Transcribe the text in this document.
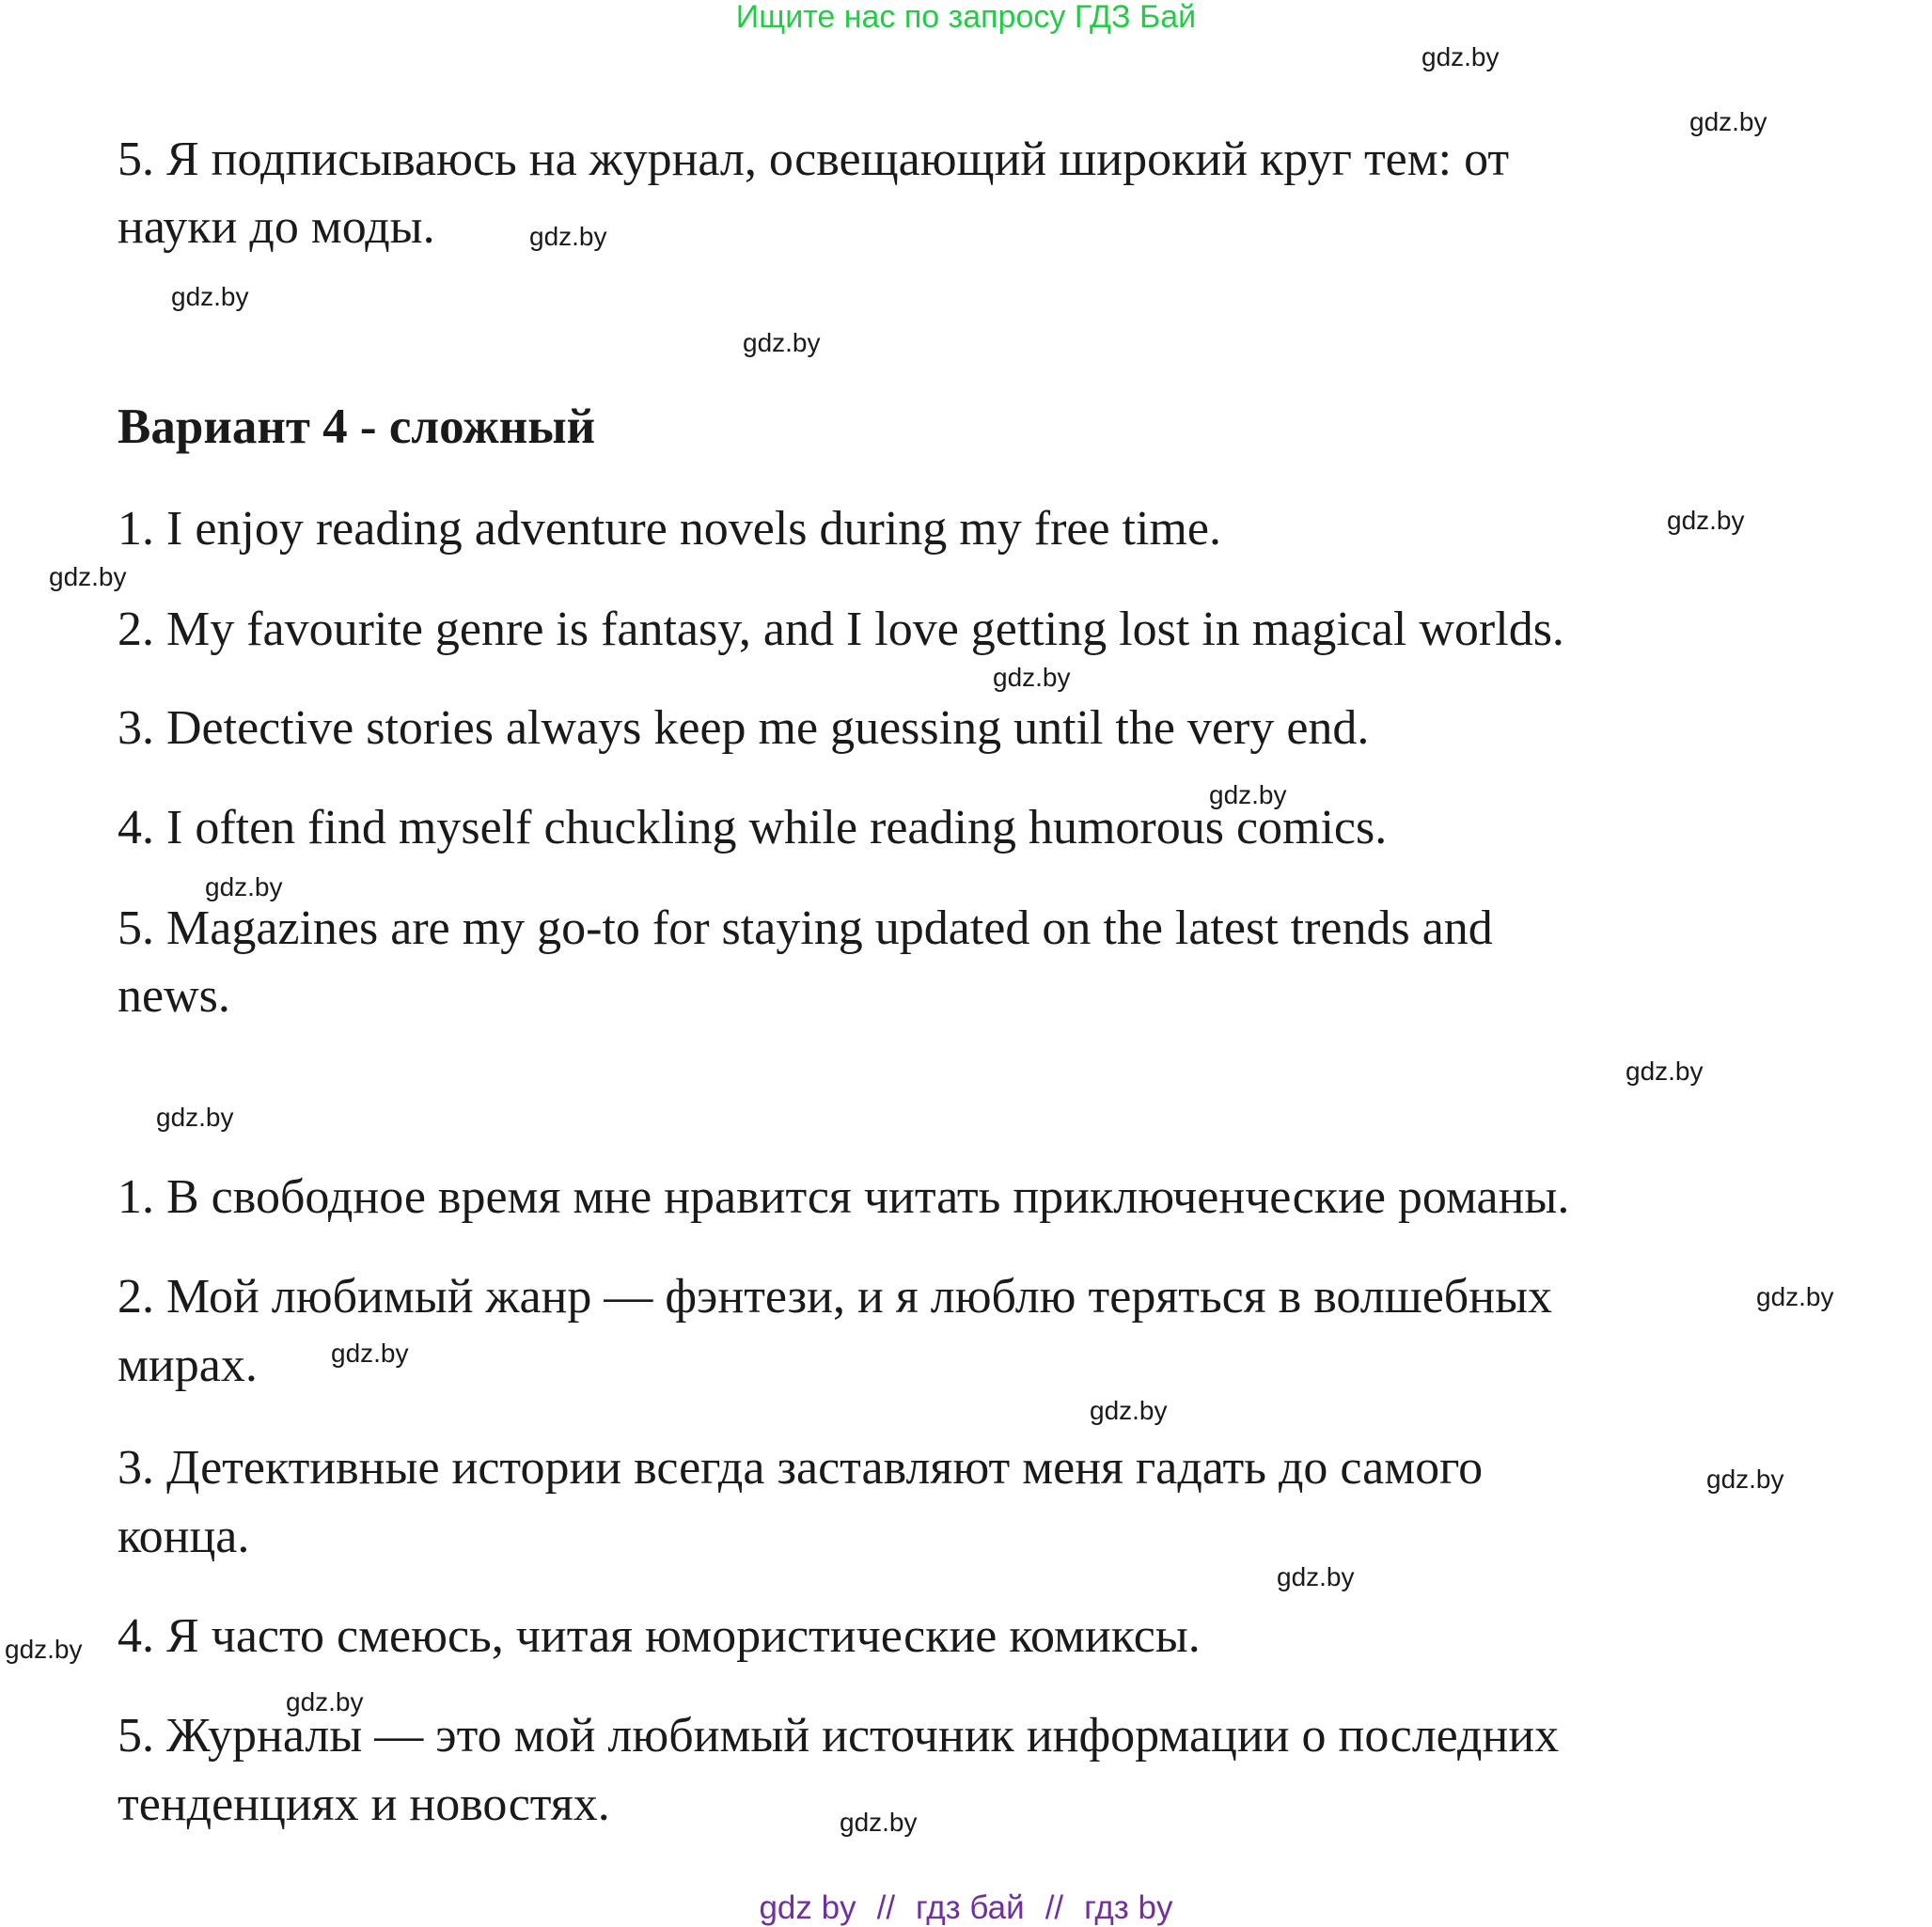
Ищите нас по запросу ГДЗ Бай
gdz.by
gdz.by
gdz.by
gdz.by
gdz.by
gdz.by
gdz.by
gdz.by
gdz.by
gdz.by
gdz.by
gdz.by
gdz.by
gdz.by
gdz.by
gdz.by
gdz.by
gdz.by
gdz.by
gdz.by
5. Я подписываюсь на журнал, освещающий широкий круг тем: от
науки до моды.
Вариант 4 - сложный
1. I enjoy reading adventure novels during my free time.
2. My favourite genre is fantasy, and I love getting lost in magical worlds.
3. Detective stories always keep me guessing until the very end.
4. I often find myself chuckling while reading humorous comics.
5. Magazines are my go-to for staying updated on the latest trends and
news.
1. В свободное время мне нравится читать приключенческие романы.
2. Мой любимый жанр — фэнтези, и я люблю теряться в волшебных
мирах.
3. Детективные истории всегда заставляют меня гадать до самого
конца.
4. Я часто смеюсь, читая юмористические комиксы.
5. Журналы — это мой любимый источник информации о последних
тенденциях и новостях.
gdz by // гдз бай // гдз by
